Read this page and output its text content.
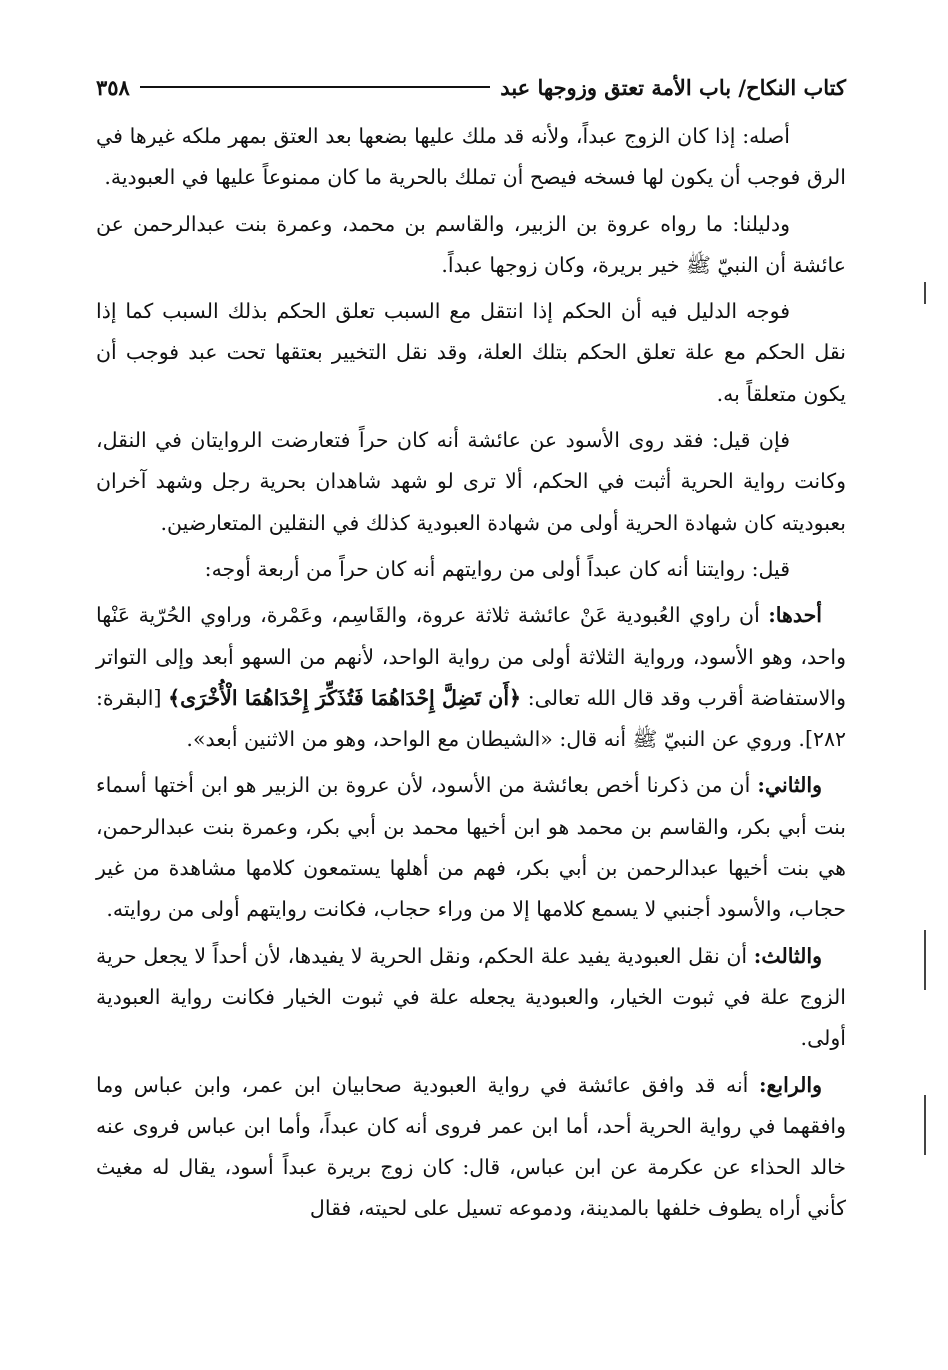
كتاب النكاح/ باب الأمة تعتق وزوجها عبد
٣٥٨

أصله: إذا كان الزوج عبداً، ولأنه قد ملك عليها بضعها بعد العتق بمهر ملكه غيرها في الرق فوجب أن يكون لها فسخه فيصح أن تملك بالحرية ما كان ممنوعاً عليها في العبودية.

ودليلنا: ما رواه عروة بن الزبير، والقاسم بن محمد، وعمرة بنت عبدالرحمن عن عائشة أن النبيّ ﷺ خير بريرة، وكان زوجها عبداً.

فوجه الدليل فيه أن الحكم إذا انتقل مع السبب تعلق الحكم بذلك السبب كما إذا نقل الحكم مع علة تعلق الحكم بتلك العلة، وقد نقل التخيير بعتقها تحت عبد فوجب أن يكون متعلقاً به.

فإن قيل: فقد روى الأسود عن عائشة أنه كان حراً فتعارضت الروايتان في النقل، وكانت رواية الحرية أثبت في الحكم، ألا ترى لو شهد شاهدان بحرية رجل وشهد آخران بعبوديته كان شهادة الحرية أولى من شهادة العبودية كذلك في النقلين المتعارضين.

قيل: روايتنا أنه كان عبداً أولى من روايتهم أنه كان حراً من أربعة أوجه:

أحدها: أن راوي العُبودية عَنْ عائشة ثلاثة عروة، والقَاسِم، وعَمْرة، وراوي الحُرّية عَنْها واحد، وهو الأسود، ورواية الثلاثة أولى من رواية الواحد، لأنهم من السهو أبعد وإلى التواتر والاستفاضة أقرب وقد قال الله تعالى: ﴿أَن تَضِلَّ إِحْدَاهُمَا فَتُذَكِّرَ إِحْدَاهُمَا الْأُخْرَى﴾ [البقرة: ٢٨٢]. وروي عن النبيّ ﷺ أنه قال: «الشيطان مع الواحد، وهو من الاثنين أبعد».

والثاني: أن من ذكرنا أخص بعائشة من الأسود، لأن عروة بن الزبير هو ابن أختها أسماء بنت أبي بكر، والقاسم بن محمد هو ابن أخيها محمد بن أبي بكر، وعمرة بنت عبدالرحمن، هي بنت أخيها عبدالرحمن بن أبي بكر، فهم من أهلها يستمعون كلامها مشاهدة من غير حجاب، والأسود أجنبي لا يسمع كلامها إلا من وراء حجاب، فكانت روايتهم أولى من روايته.

والثالث: أن نقل العبودية يفيد علة الحكم، ونقل الحرية لا يفيدها، لأن أحداً لا يجعل حرية الزوج علة في ثبوت الخيار، والعبودية يجعله علة في ثبوت الخيار فكانت رواية العبودية أولى.

والرابع: أنه قد وافق عائشة في رواية العبودية صحابيان ابن عمر، وابن عباس وما وافقهما في رواية الحرية أحد، أما ابن عمر فروى أنه كان عبداً، وأما ابن عباس فروى عنه خالد الحذاء عن عكرمة عن ابن عباس، قال: كان زوج بريرة عبداً أسود، يقال له مغيث كأني أراه يطوف خلفها بالمدينة، ودموعه تسيل على لحيته، فقال
